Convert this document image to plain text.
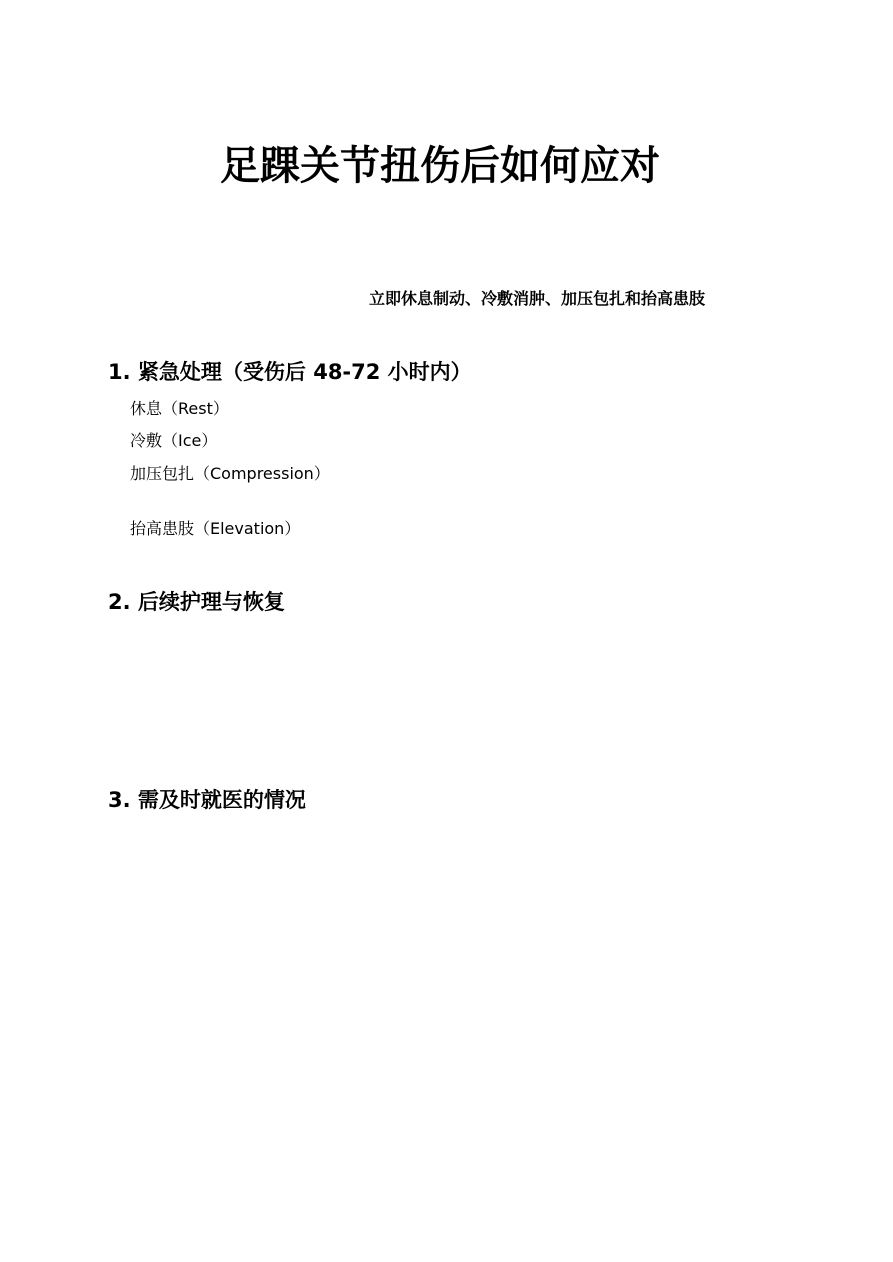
足踝关节扭伤后如何应对

立即休息制动、冷敷消肿、加压包扎和抬高患肢

1. 紧急处理（受伤后 48-72 小时内）

休息（Rest）

冷敷（Ice）

加压包扎（Compression）

抬高患肢（Elevation）

2. 后续护理与恢复
3. 需及时就医的情况
